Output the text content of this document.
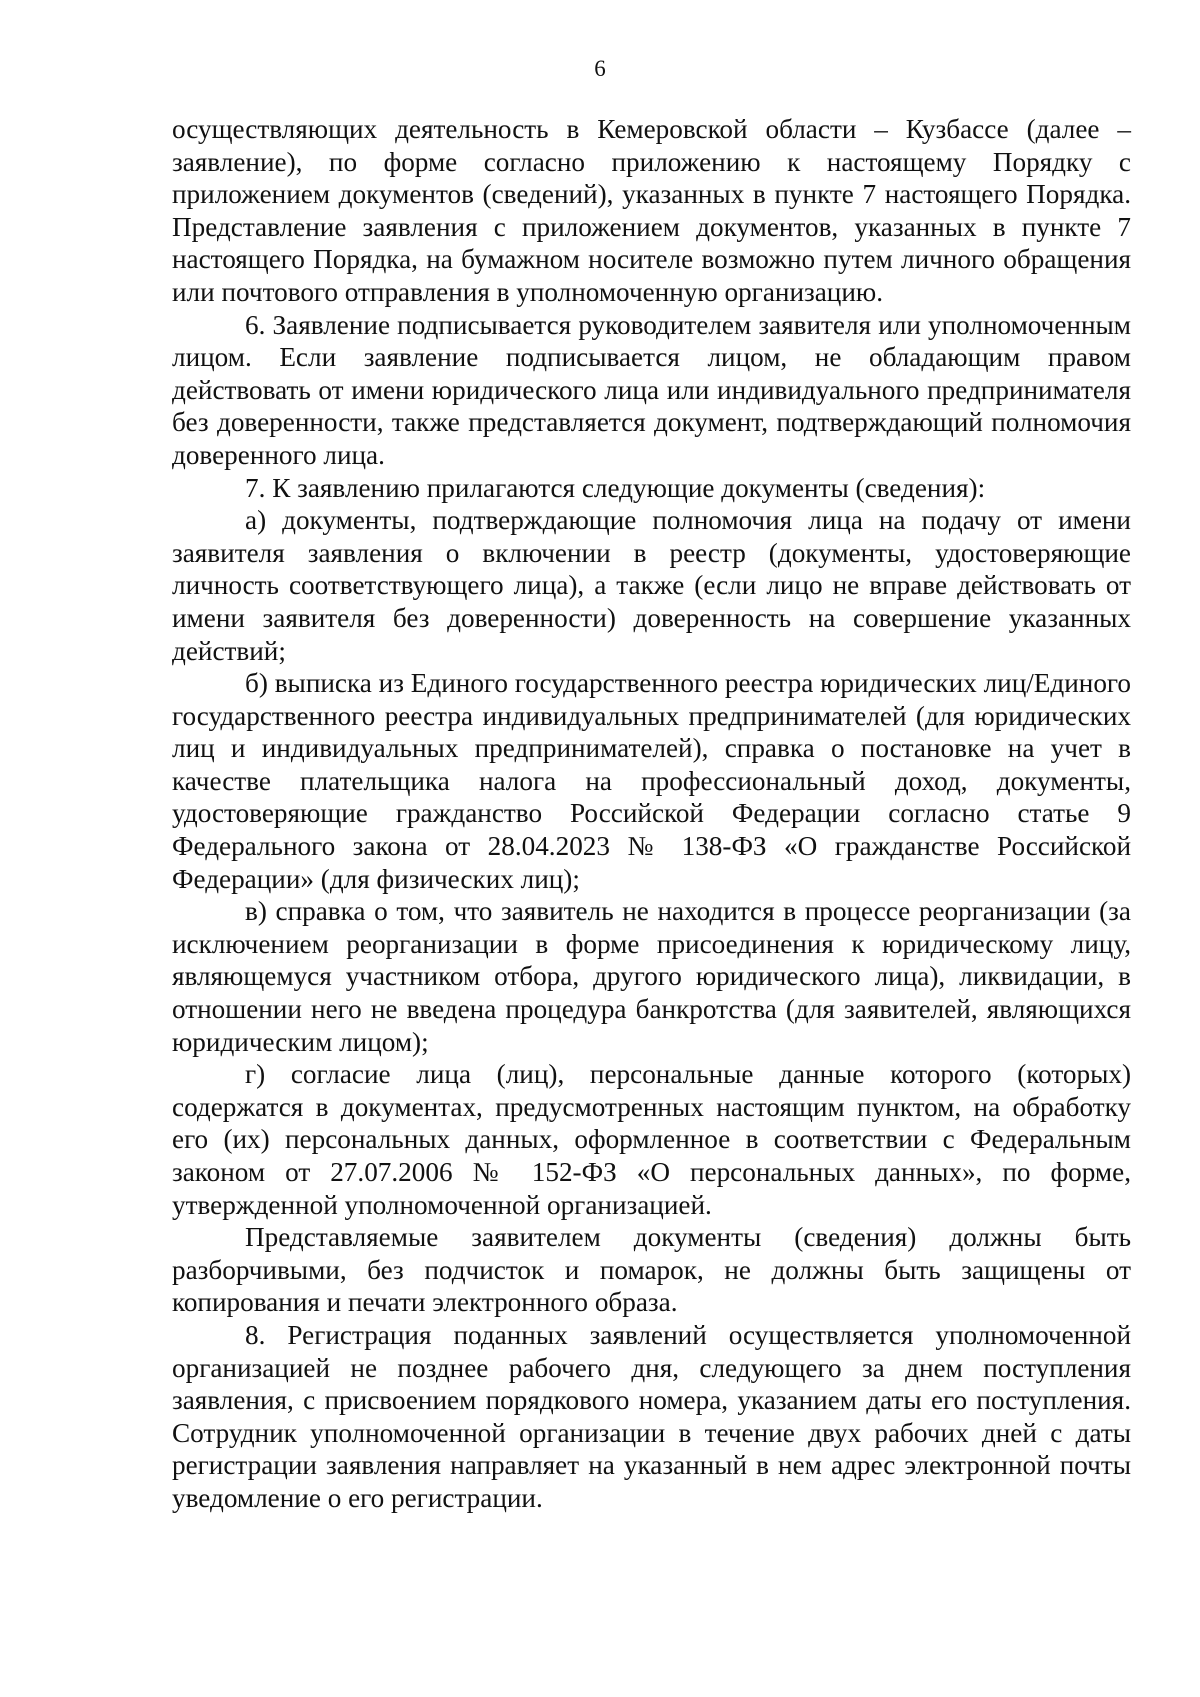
6

осуществляющих деятельность в Кемеровской области – Кузбассе (далее – заявление), по форме согласно приложению к настоящему Порядку с приложением документов (сведений), указанных в пункте 7 настоящего Порядка. Представление заявления с приложением документов, указанных в пункте 7 настоящего Порядка, на бумажном носителе возможно путем личного обращения или почтового отправления в уполномоченную организацию.

6. Заявление подписывается руководителем заявителя или уполномоченным лицом. Если заявление подписывается лицом, не обладающим правом действовать от имени юридического лица или индивидуального предпринимателя без доверенности, также представляется документ, подтверждающий полномочия доверенного лица.

7. К заявлению прилагаются следующие документы (сведения):

а) документы, подтверждающие полномочия лица на подачу от имени заявителя заявления о включении в реестр (документы, удостоверяющие личность соответствующего лица), а также (если лицо не вправе действовать от имени заявителя без доверенности) доверенность на совершение указанных действий;

б) выписка из Единого государственного реестра юридических лиц/Единого государственного реестра индивидуальных предпринимателей (для юридических лиц и индивидуальных предпринимателей), справка о постановке на учет в качестве плательщика налога на профессиональный доход, документы, удостоверяющие гражданство Российской Федерации согласно статье 9 Федерального закона от 28.04.2023 № 138-ФЗ «О гражданстве Российской Федерации» (для физических лиц);

в) справка о том, что заявитель не находится в процессе реорганизации (за исключением реорганизации в форме присоединения к юридическому лицу, являющемуся участником отбора, другого юридического лица), ликвидации, в отношении него не введена процедура банкротства (для заявителей, являющихся юридическим лицом);

г) согласие лица (лиц), персональные данные которого (которых) содержатся в документах, предусмотренных настоящим пунктом, на обработку его (их) персональных данных, оформленное в соответствии с Федеральным законом от 27.07.2006 № 152-ФЗ «О персональных данных», по форме, утвержденной уполномоченной организацией.

Представляемые заявителем документы (сведения) должны быть разборчивыми, без подчисток и помарок, не должны быть защищены от копирования и печати электронного образа.

8. Регистрация поданных заявлений осуществляется уполномоченной организацией не позднее рабочего дня, следующего за днем поступления заявления, с присвоением порядкового номера, указанием даты его поступления. Сотрудник уполномоченной организации в течение двух рабочих дней с даты регистрации заявления направляет на указанный в нем адрес электронной почты уведомление о его регистрации.
